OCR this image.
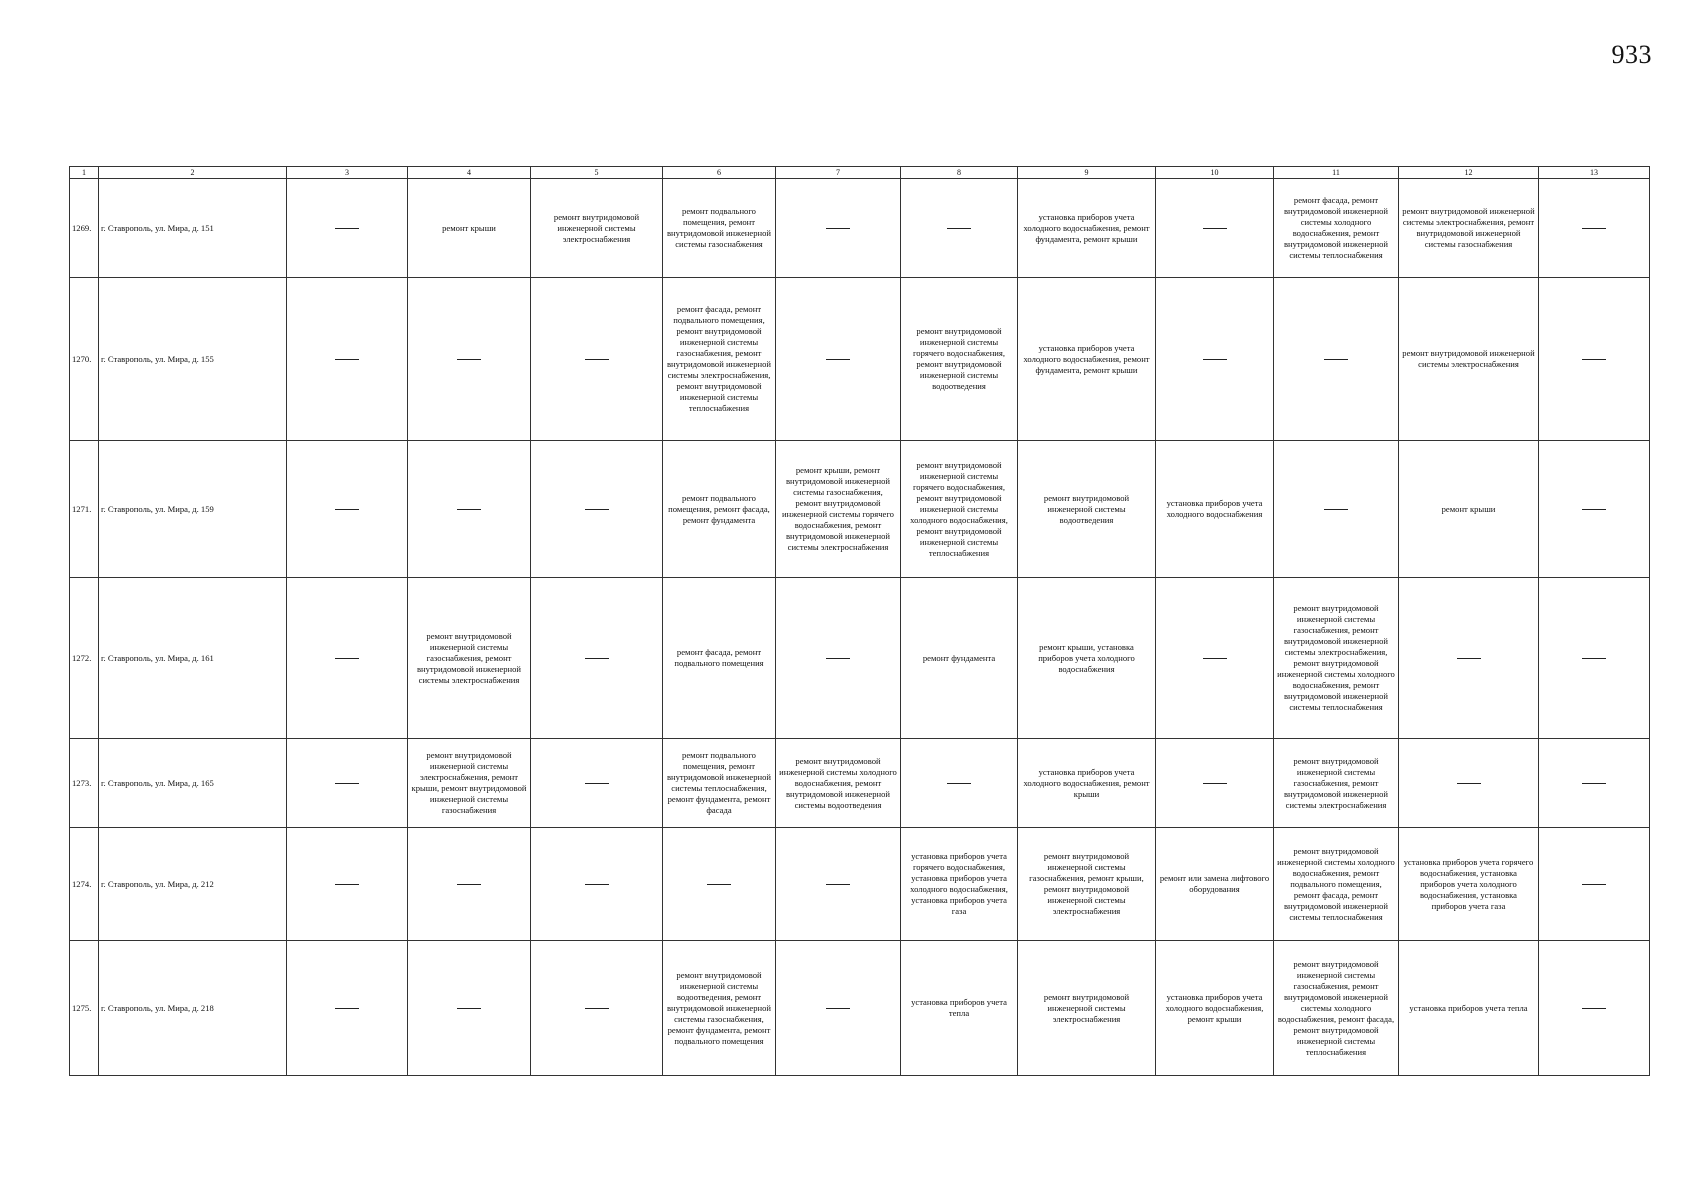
933
1	2	3	4	5	6	7	8	9	10	11	12	13
1269.	г. Ставрополь, ул. Мира, д. 151		ремонт крыши	ремонт внутридомовой инженерной системы электроснабжения	ремонт подвального помещения, ремонт внутридомовой инженерной системы газоснабжения			установка приборов учета холодного водоснабжения, ремонт фундамента, ремонт крыши		ремонт фасада, ремонт внутридомовой инженерной системы холодного водоснабжения, ремонт внутридомовой инженерной системы теплоснабжения	ремонт внутридомовой инженерной системы электроснабжения, ремонт внутридомовой инженерной системы газоснабжения	
1270.	г. Ставрополь, ул. Мира, д. 155				ремонт фасада, ремонт подвального помещения, ремонт внутридомовой инженерной системы газоснабжения, ремонт внутридомовой инженерной системы электроснабжения, ремонт внутридомовой инженерной системы теплоснабжения		ремонт внутридомовой инженерной системы горячего водоснабжения, ремонт внутридомовой инженерной системы водоотведения	установка приборов учета холодного водоснабжения, ремонт фундамента, ремонт крыши			ремонт внутридомовой инженерной системы электроснабжения	
1271.	г. Ставрополь, ул. Мира, д. 159				ремонт подвального помещения, ремонт фасада, ремонт фундамента	ремонт крыши, ремонт внутридомовой инженерной системы газоснабжения, ремонт внутридомовой инженерной системы горячего водоснабжения, ремонт внутридомовой инженерной системы электроснабжения	ремонт внутридомовой инженерной системы горячего водоснабжения, ремонт внутридомовой инженерной системы холодного водоснабжения, ремонт внутридомовой инженерной системы теплоснабжения	ремонт внутридомовой инженерной системы водоотведения	установка приборов учета холодного водоснабжения		ремонт крыши	
1272.	г. Ставрополь, ул. Мира, д. 161		ремонт внутридомовой инженерной системы газоснабжения, ремонт внутридомовой инженерной системы электроснабжения		ремонт фасада, ремонт подвального помещения		ремонт фундамента	ремонт крыши, установка приборов учета холодного водоснабжения		ремонт внутридомовой инженерной системы газоснабжения, ремонт внутридомовой инженерной системы электроснабжения, ремонт внутридомовой инженерной системы холодного водоснабжения, ремонт внутридомовой инженерной системы теплоснабжения		
1273.	г. Ставрополь, ул. Мира, д. 165		ремонт внутридомовой инженерной системы электроснабжения, ремонт крыши, ремонт внутридомовой инженерной системы газоснабжения		ремонт подвального помещения, ремонт внутридомовой инженерной системы теплоснабжения, ремонт фундамента, ремонт фасада	ремонт внутридомовой инженерной системы холодного водоснабжения, ремонт внутридомовой инженерной системы водоотведения		установка приборов учета холодного водоснабжения, ремонт крыши		ремонт внутридомовой инженерной системы газоснабжения, ремонт внутридомовой инженерной системы электроснабжения		
1274.	г. Ставрополь, ул. Мира, д. 212						установка приборов учета горячего водоснабжения, установка приборов учета холодного водоснабжения, установка приборов учета газа	ремонт внутридомовой инженерной системы газоснабжения, ремонт крыши, ремонт внутридомовой инженерной системы электроснабжения	ремонт или замена лифтового оборудования	ремонт внутридомовой инженерной системы холодного водоснабжения, ремонт подвального помещения, ремонт фасада, ремонт внутридомовой инженерной системы теплоснабжения	установка приборов учета горячего водоснабжения, установка приборов учета холодного водоснабжения, установка приборов учета газа	
1275.	г. Ставрополь, ул. Мира, д. 218				ремонт внутридомовой инженерной системы водоотведения, ремонт внутридомовой инженерной системы газоснабжения, ремонт фундамента, ремонт подвального помещения		установка приборов учета тепла	ремонт внутридомовой инженерной системы электроснабжения	установка приборов учета холодного водоснабжения, ремонт крыши	ремонт внутридомовой инженерной системы газоснабжения, ремонт внутридомовой инженерной системы холодного водоснабжения, ремонт фасада, ремонт внутридомовой инженерной системы теплоснабжения	установка приборов учета тепла	
